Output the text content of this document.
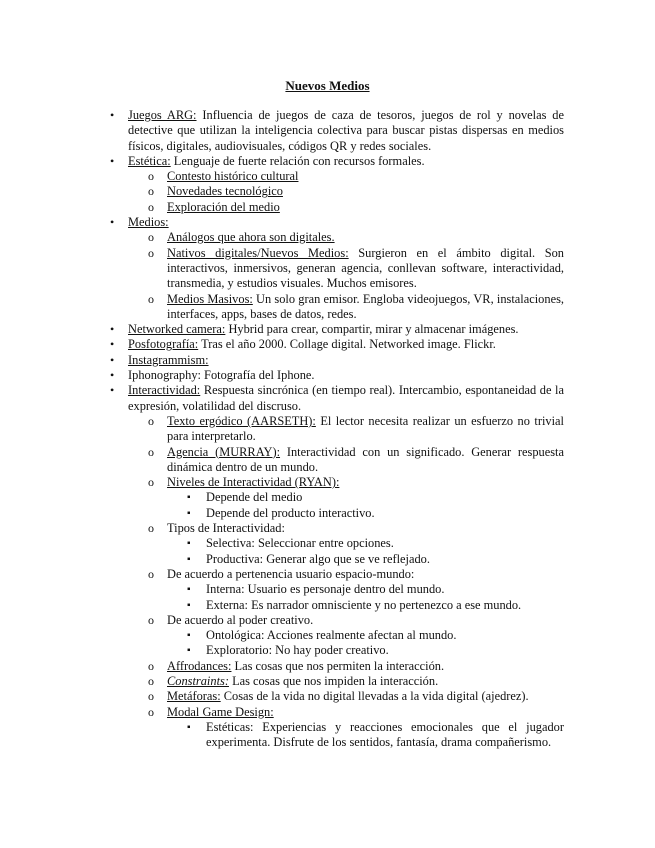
Nuevos Medios
• Juegos ARG: Influencia de juegos de caza de tesoros, juegos de rol y novelas de detective que utilizan la inteligencia colectiva para buscar pistas dispersas en medios físicos, digitales, audiovisuales, códigos QR y redes sociales.
• Estética: Lenguaje de fuerte relación con recursos formales.
o Contesto histórico cultural
o Novedades tecnológico
o Exploración del medio
• Medios:
o Análogos que ahora son digitales.
o Nativos digitales/Nuevos Medios: Surgieron en el ámbito digital. Son interactivos, inmersivos, generan agencia, conllevan software, interactividad, transmedia, y estudios visuales. Muchos emisores.
o Medios Masivos: Un solo gran emisor. Engloba videojuegos, VR, instalaciones, interfaces, apps, bases de datos, redes.
• Networked camera: Hybrid para crear, compartir, mirar y almacenar imágenes.
• Posfotografía: Tras el año 2000. Collage digital. Networked image. Flickr.
• Instagrammism:
• Iphonography: Fotografía del Iphone.
• Interactividad: Respuesta sincrónica (en tiempo real). Intercambio, espontaneidad de la expresión, volatilidad del discruso.
o Texto ergódico (AARSETH): El lector necesita realizar un esfuerzo no trivial para interpretarlo.
o Agencia (MURRAY): Interactividad con un significado. Generar respuesta dinámica dentro de un mundo.
o Niveles de Interactividad (RYAN):
▪ Depende del medio
▪ Depende del producto interactivo.
o Tipos de Interactividad:
▪ Selectiva: Seleccionar entre opciones.
▪ Productiva: Generar algo que se ve reflejado.
o De acuerdo a pertenencia usuario espacio-mundo:
▪ Interna: Usuario es personaje dentro del mundo.
▪ Externa: Es narrador omnisciente y no pertenezco a ese mundo.
o De acuerdo al poder creativo.
▪ Ontológica: Acciones realmente afectan al mundo.
▪ Exploratorio: No hay poder creativo.
o Affrodances: Las cosas que nos permiten la interacción.
o Constraints: Las cosas que nos impiden la interacción.
o Metáforas: Cosas de la vida no digital llevadas a la vida digital (ajedrez).
o Modal Game Design:
▪ Estéticas: Experiencias y reacciones emocionales que el jugador experimenta. Disfrute de los sentidos, fantasía, drama compañerismo.
